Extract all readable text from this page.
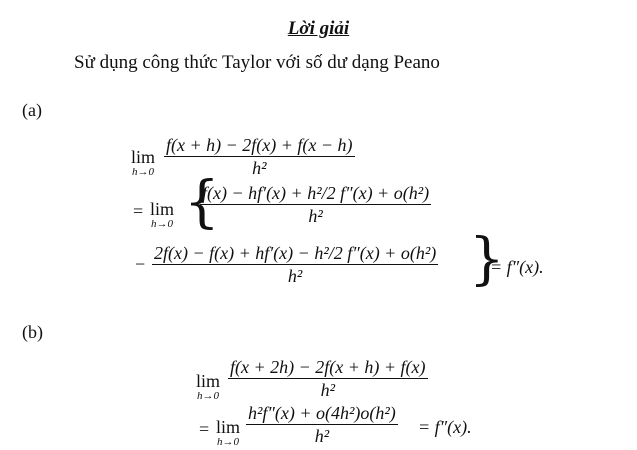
Lời giải
Sử dụng công thức Taylor với số dư dạng Peano
(a)
lim
$h\to 0 \frac{f(x + h) - 2f(x) + f(x - h)}{\text{h²}}$
= lim
h→0 {
$\frac{\text{f(x) − hf′(x) + h²/2 f″(x) + o(h²)}}{\text{h²}}$
− $\frac{\text{2f(x) − f(x) + hf′(x) − h²/2 f″(x) + o(h²)}}{\text{h²}}$ }
= f″(x).
(b)
lim
$h\to 0 \frac{f(x + 2h) - 2f(x + h) + f(x)}{\text{h²}}$
= lim
$h\to 0 \frac{\text{h²f″(x) + o(4h²)o(h²)}}{\text{h²}} = f''(x)$.
